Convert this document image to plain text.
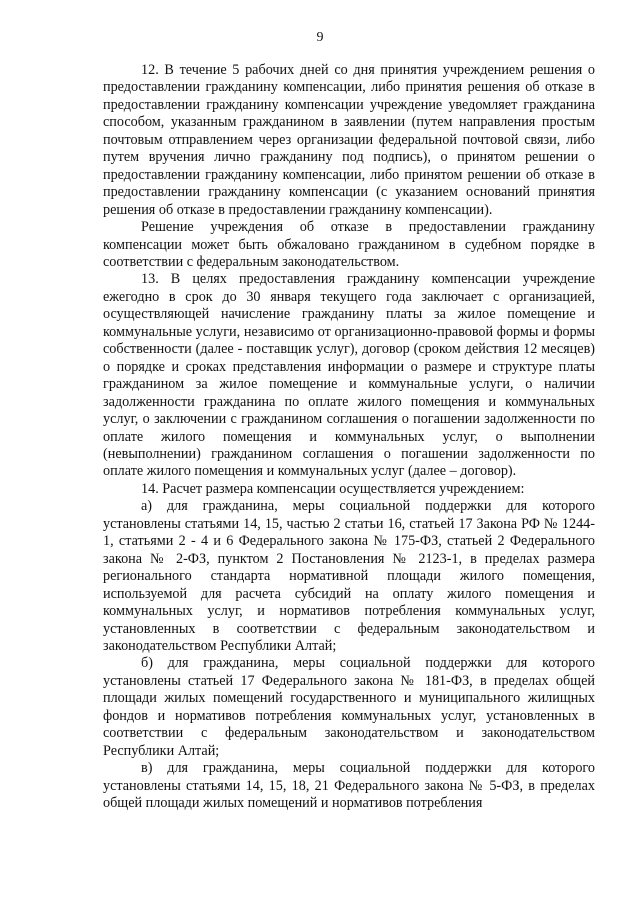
9

12. В течение 5 рабочих дней со дня принятия учреждением решения о предоставлении гражданину компенсации, либо принятия решения об отказе в предоставлении гражданину компенсации учреждение уведомляет гражданина способом, указанным гражданином в заявлении (путем направления простым почтовым отправлением через организации федеральной почтовой связи, либо путем вручения лично гражданину под подпись), о принятом решении о предоставлении гражданину компенсации, либо принятом решении об отказе в предоставлении гражданину компенсации (с указанием оснований принятия решения об отказе в предоставлении гражданину компенсации).

Решение учреждения об отказе в предоставлении гражданину компенсации может быть обжаловано гражданином в судебном порядке в соответствии с федеральным законодательством.

13. В целях предоставления гражданину компенсации учреждение ежегодно в срок до 30 января текущего года заключает с организацией, осуществляющей начисление гражданину платы за жилое помещение и коммунальные услуги, независимо от организационно-правовой формы и формы собственности (далее - поставщик услуг), договор (сроком действия 12 месяцев) о порядке и сроках представления информации о размере и структуре платы гражданином за жилое помещение и коммунальные услуги, о наличии задолженности гражданина по оплате жилого помещения и коммунальных услуг, о заключении с гражданином соглашения о погашении задолженности по оплате жилого помещения и коммунальных услуг, о выполнении (невыполнении) гражданином соглашения о погашении задолженности по оплате жилого помещения и коммунальных услуг (далее – договор).

14. Расчет размера компенсации осуществляется учреждением:

а) для гражданина, меры социальной поддержки для которого установлены статьями 14, 15, частью 2 статьи 16, статьей 17 Закона РФ № 1244-1, статьями 2 - 4 и 6 Федерального закона № 175-ФЗ, статьей 2 Федерального закона № 2-ФЗ, пунктом 2 Постановления № 2123-1, в пределах размера регионального стандарта нормативной площади жилого помещения, используемой для расчета субсидий на оплату жилого помещения и коммунальных услуг, и нормативов потребления коммунальных услуг, установленных в соответствии с федеральным законодательством и законодательством Республики Алтай;

б) для гражданина, меры социальной поддержки для которого установлены статьей 17 Федерального закона № 181-ФЗ, в пределах общей площади жилых помещений государственного и муниципального жилищных фондов и нормативов потребления коммунальных услуг, установленных в соответствии с федеральным законодательством и законодательством Республики Алтай;

в) для гражданина, меры социальной поддержки для которого установлены статьями 14, 15, 18, 21 Федерального закона № 5-ФЗ, в пределах общей площади жилых помещений и нормативов потребления
